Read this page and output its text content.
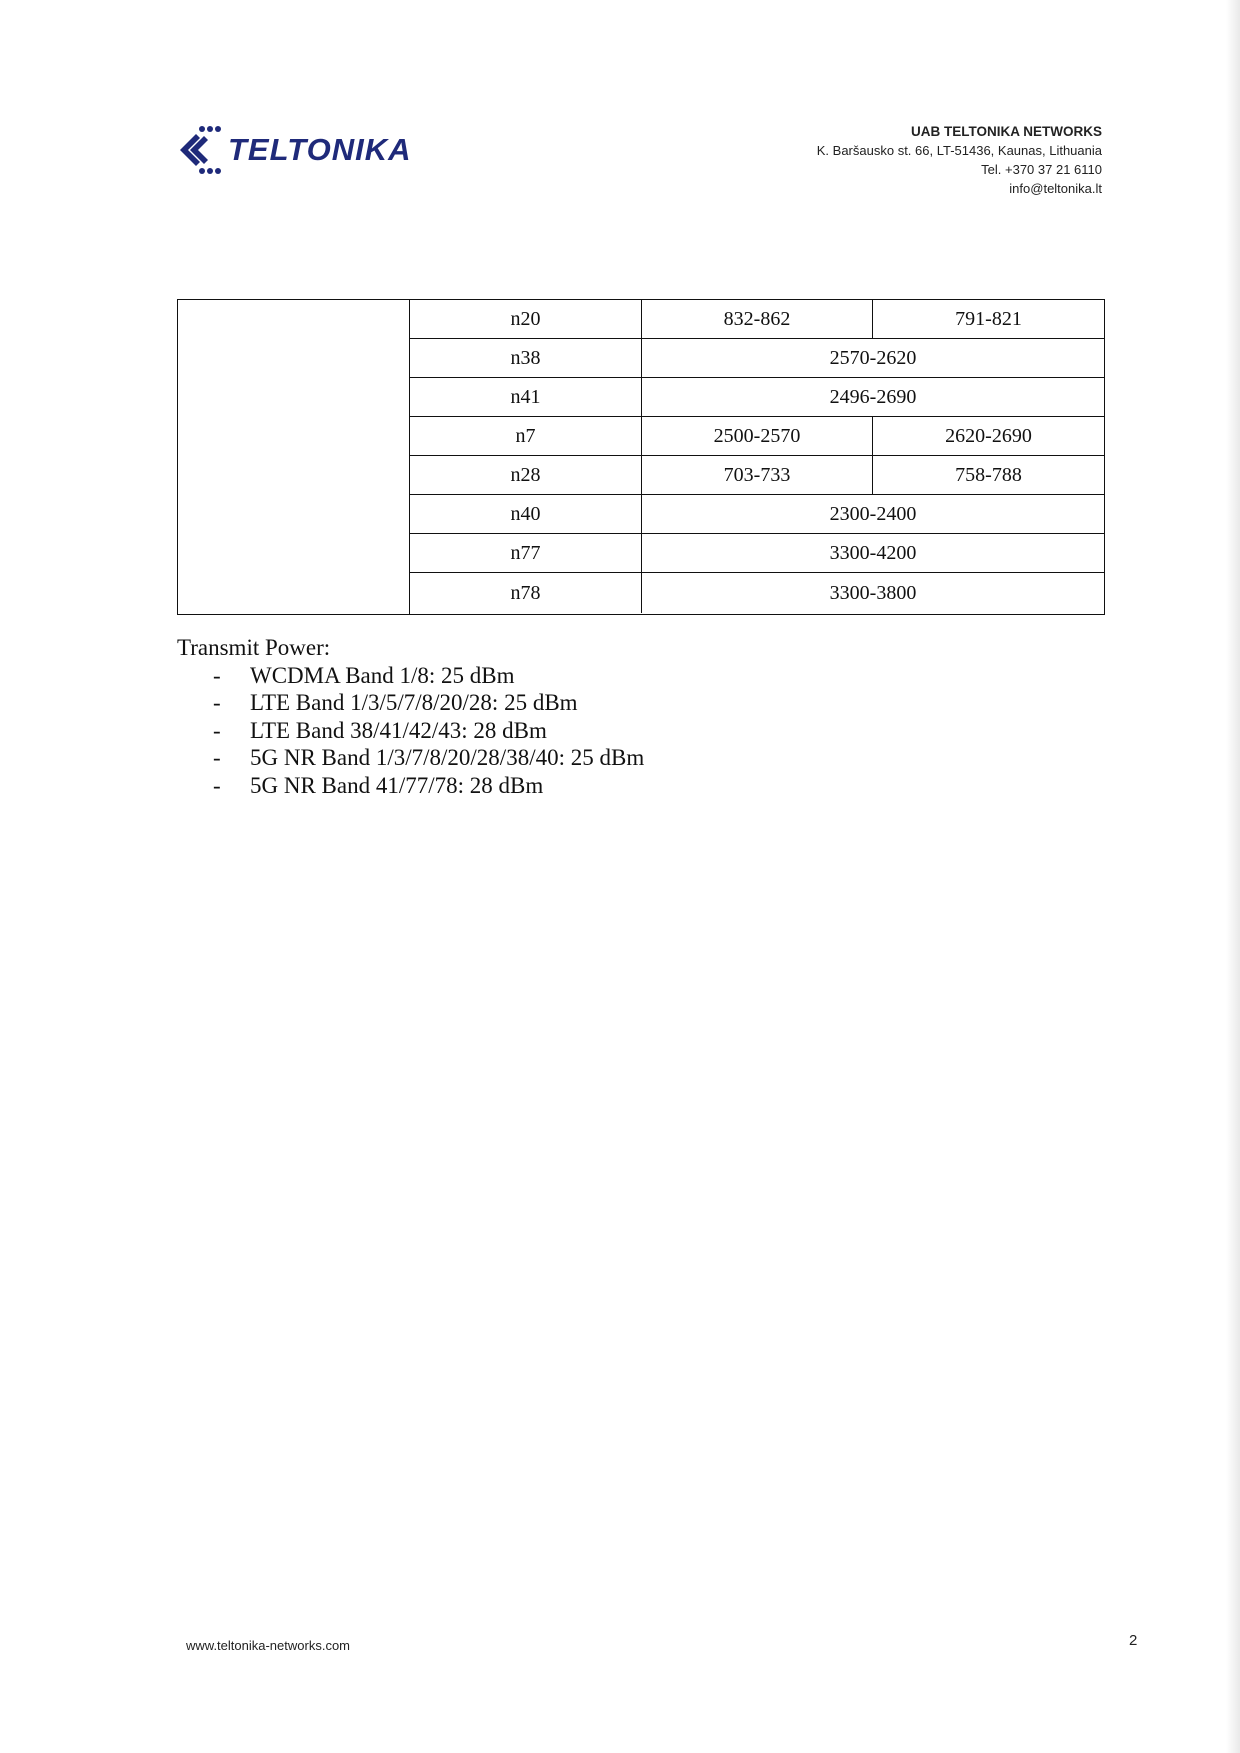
TELTONIKA
UAB TELTONIKA NETWORKS
K. Baršausko st. 66, LT-51436, Kaunas, Lithuania
Tel. +370 37 21 6110
info@teltonika.lt
n20	832-862	791-821
n38	2570-2620
n41	2496-2690
n7	2500-2570	2620-2690
n28	703-733	758-788
n40	2300-2400
n77	3300-4200
n78	3300-3800
Transmit Power:
- WCDMA Band 1/8: 25 dBm
- LTE Band 1/3/5/7/8/20/28: 25 dBm
- LTE Band 38/41/42/43: 28 dBm
- 5G NR Band 1/3/7/8/20/28/38/40: 25 dBm
- 5G NR Band 41/77/78: 28 dBm
www.teltonika-networks.com	2
